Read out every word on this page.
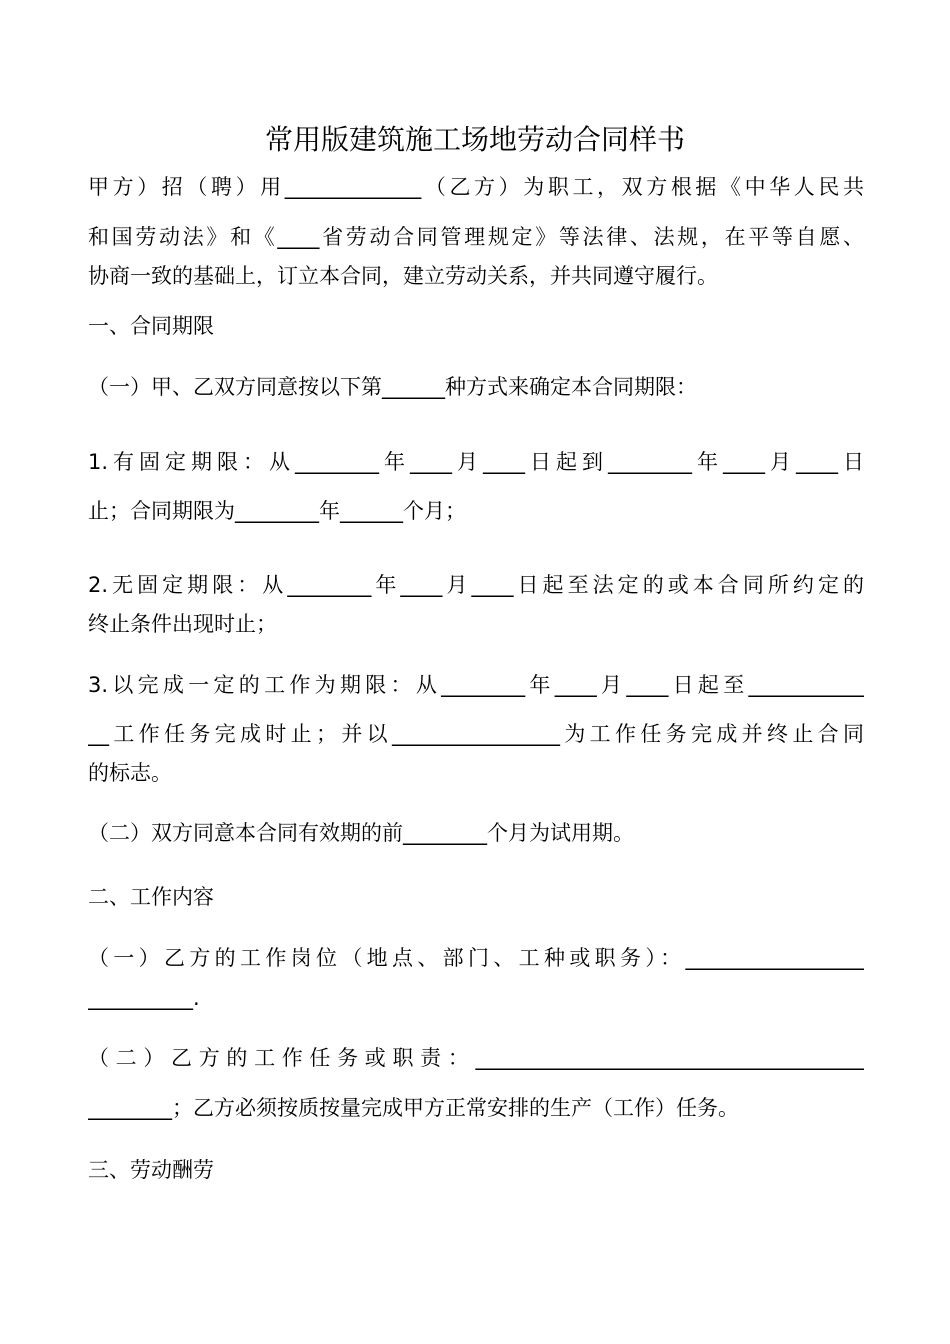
常用版建筑施工场地劳动合同样书
甲方）招（聘）用_____________（乙方）为职工，双方根据《中华人民共
和国劳动法》和《____省劳动合同管理规定》等法律、法规，在平等自愿、
协商一致的基础上，订立本合同，建立劳动关系，并共同遵守履行。
一、合同期限
（一）甲、乙双方同意按以下第______种方式来确定本合同期限：
1.有固定期限：从________年____月____日起到________年____月____日
止；合同期限为________年______个月；
2.无固定期限：从________年____月____日起至法定的或本合同所约定的
终止条件出现时止；
3.以完成一定的工作为期限：从________年____月____日起至___________
__工作任务完成时止；并以________________为工作任务完成并终止合同
的标志。
（二）双方同意本合同有效期的前________个月为试用期。
二、工作内容
（一）乙方的工作岗位（地点、部门、工种或职务）：_________________
__________.
（二）乙方的工作任务或职责：_____________________________________
________；乙方必须按质按量完成甲方正常安排的生产（工作）任务。
三、劳动酬劳
